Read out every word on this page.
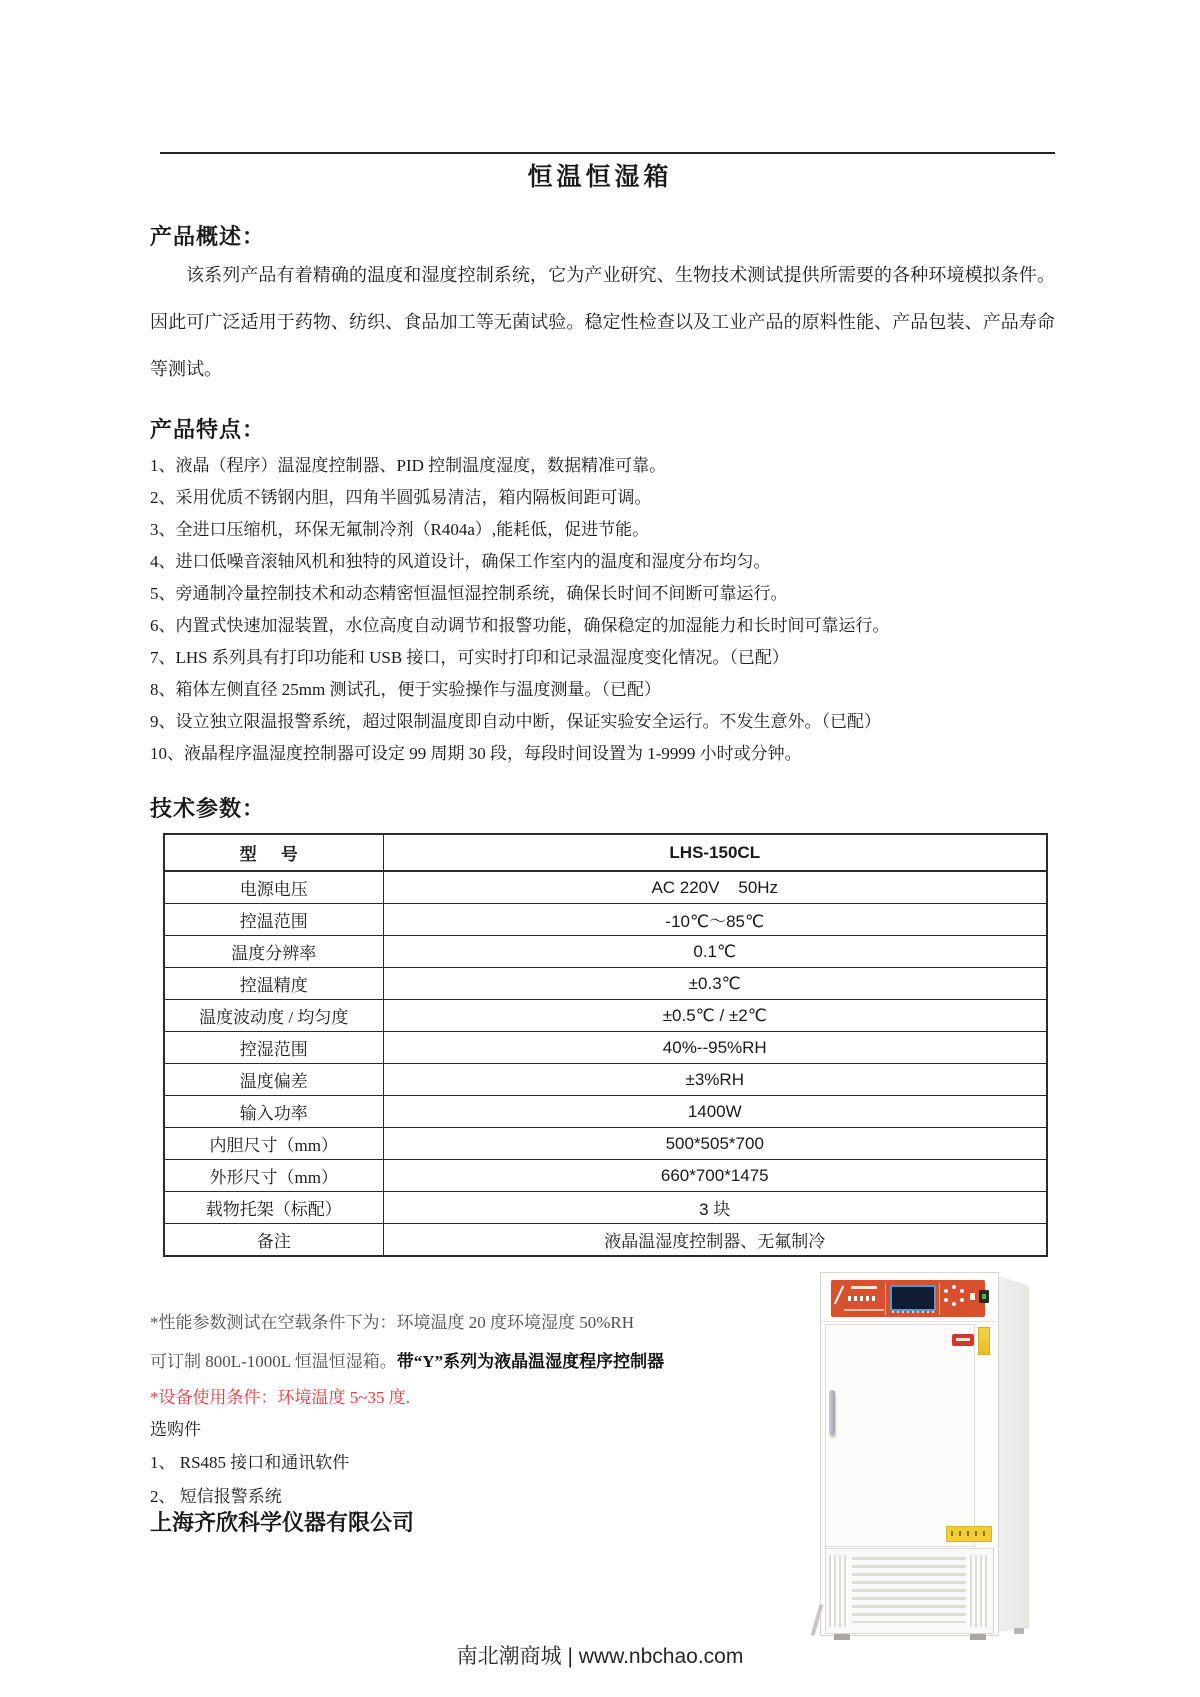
恒温恒湿箱
产品概述：

该系列产品有着精确的温度和湿度控制系统，它为产业研究、生物技术测试提供所需要的各种环境模拟条件。因此可广泛适用于药物、纺织、食品加工等无菌试验。稳定性检查以及工业产品的原料性能、产品包装、产品寿命等测试。

产品特点：
1、液晶（程序）温湿度控制器、PID 控制温度湿度，数据精准可靠。
2、采用优质不锈钢内胆，四角半圆弧易清洁，箱内隔板间距可调。
3、全进口压缩机，环保无氟制冷剂（R404a）,能耗低，促进节能。
4、进口低噪音滚轴风机和独特的风道设计，确保工作室内的温度和湿度分布均匀。
5、旁通制冷量控制技术和动态精密恒温恒湿控制系统，确保长时间不间断可靠运行。
6、内置式快速加湿装置，水位高度自动调节和报警功能，确保稳定的加湿能力和长时间可靠运行。
7、LHS 系列具有打印功能和 USB 接口，可实时打印和记录温湿度变化情况。（已配）
8、箱体左侧直径 25mm 测试孔，便于实验操作与温度测量。（已配）
9、设立独立限温报警系统，超过限制温度即自动中断，保证实验安全运行。不发生意外。（已配）
10、液晶程序温湿度控制器可设定 99 周期 30 段，每段时间设置为 1-9999 小时或分钟。
技术参数：
型 号	LHS-150CL
电源电压	AC 220V    50Hz
控温范围	-10℃～85℃
温度分辨率	0.1℃
控温精度	±0.3℃
温度波动度 / 均匀度	±0.5℃ / ±2℃
控湿范围	40%--95%RH
温度偏差	±3%RH
输入功率	1400W
内胆尺寸（mm）	500*505*700
外形尺寸（mm）	660*700*1475
载物托架（标配）	3 块
备注	液晶温湿度控制器、无氟制冷

*性能参数测试在空载条件下为：环境温度 20 度环境湿度 50%RH

可订制 800L-1000L 恒温恒湿箱。带“Y”系列为液晶温湿度程序控制器

*设备使用条件：环境温度 5~35 度.

选购件

1、 RS485 接口和通讯软件

2、 短信报警系统

上海齐欣科学仪器有限公司

南北潮商城 | www.nbchao.com
